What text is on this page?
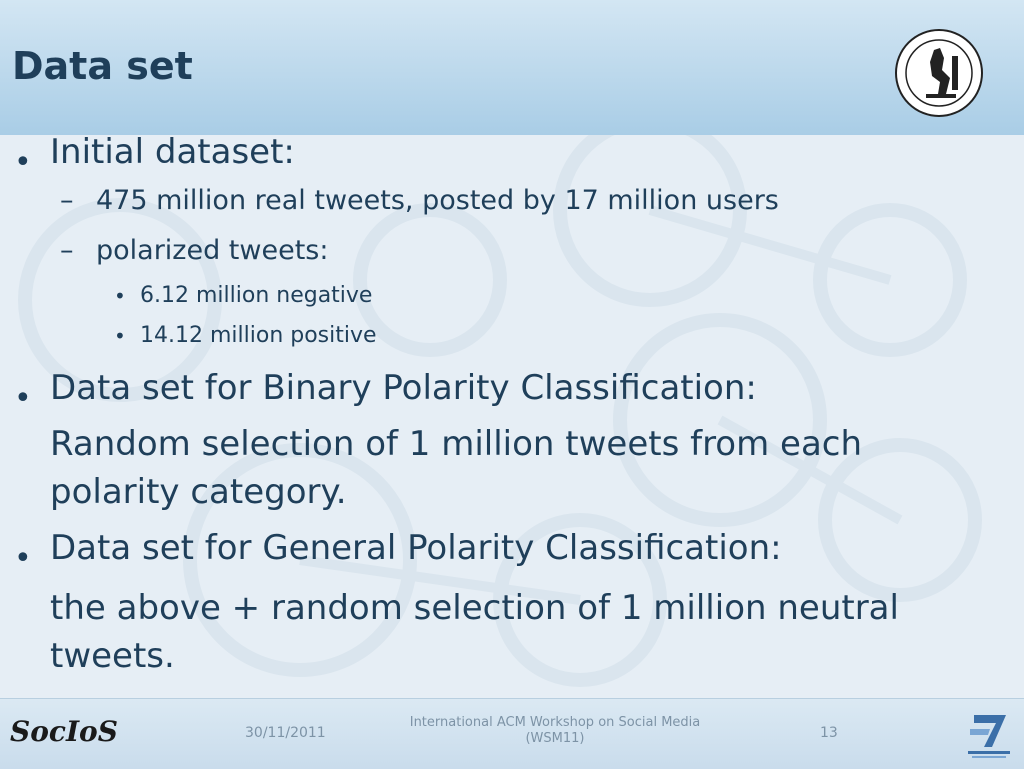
Data set
• Initial dataset:
– 475 million real tweets, posted by 17 million users
– polarized tweets:
• 6.12 million negative
• 14.12 million positive
• Data set for Binary Polarity Classification:
Random selection of 1 million tweets from each
polarity category.
• Data set for General Polarity Classification:
the above + random selection of 1 million neutral
tweets.
SocIoS	30/11/2011
International ACM Workshop on Social Media
(WSM11)	13
